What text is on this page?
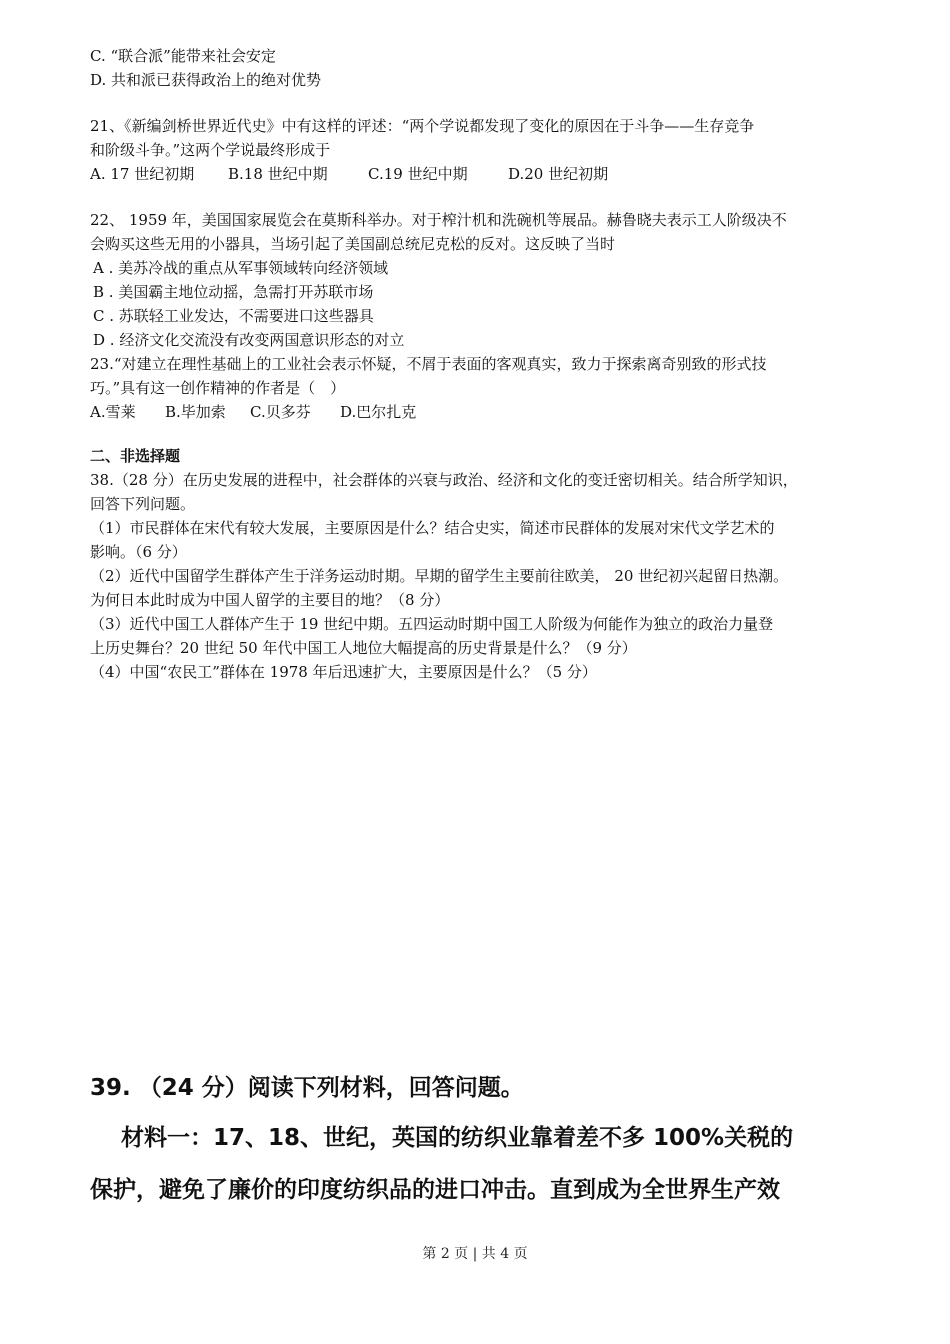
C. “联合派”能带来社会安定
D. 共和派已获得政治上的绝对优势
21、《新编剑桥世界近代史》中有这样的评述：“两个学说都发现了变化的原因在于斗争——生存竞争
和阶级斗争。”这两个学说最终形成于
A. 17 世纪初期 B.18 世纪中期	C.19 世纪中期	D.20 世纪初期
22、 1959 年，美国国家展览会在莫斯科举办。对于榨汁机和洗碗机等展品。赫鲁晓夫表示工人阶级决不
会购买这些无用的小器具，当场引起了美国副总统尼克松的反对。这反映了当时
A . 美苏冷战的重点从军事领域转向经济领域
B . 美国霸主地位动摇，急需打开苏联市场
C . 苏联轻工业发达，不需要进口这些器具
D . 经济文化交流没有改变两国意识形态的对立
23.“对建立在理性基础上的工业社会表示怀疑，不屑于表面的客观真实，致力于探索离奇别致的形式技
巧。”具有这一创作精神的作者是（　）
A.雪莱 B.毕加索 C.贝多芬 D.巴尔扎克
二、非选择题
38.（28 分）在历史发展的进程中，社会群体的兴衰与政治、经济和文化的变迁密切相关。结合所学知识，
回答下列问题。
（1）市民群体在宋代有较大发展，主要原因是什么？结合史实，简述市民群体的发展对宋代文学艺术的
影响。（6 分）
（2）近代中国留学生群体产生于洋务运动时期。早期的留学生主要前往欧美， 20 世纪初兴起留日热潮。
为何日本此时成为中国人留学的主要目的地？（8 分）
（3）近代中国工人群体产生于 19 世纪中期。五四运动时期中国工人阶级为何能作为独立的政治力量登
上历史舞台？20 世纪 50 年代中国工人地位大幅提高的历史背景是什么？（9 分）
（4）中国“农民工”群体在 1978 年后迅速扩大，主要原因是什么？（5 分）
39. （24 分）阅读下列材料，回答问题。
　 材料一：17、18、世纪，英国的纺织业靠着差不多 100%关税的
保护，避免了廉价的印度纺织品的进口冲击。直到成为全世界生产效
第 2 页 | 共 4 页
